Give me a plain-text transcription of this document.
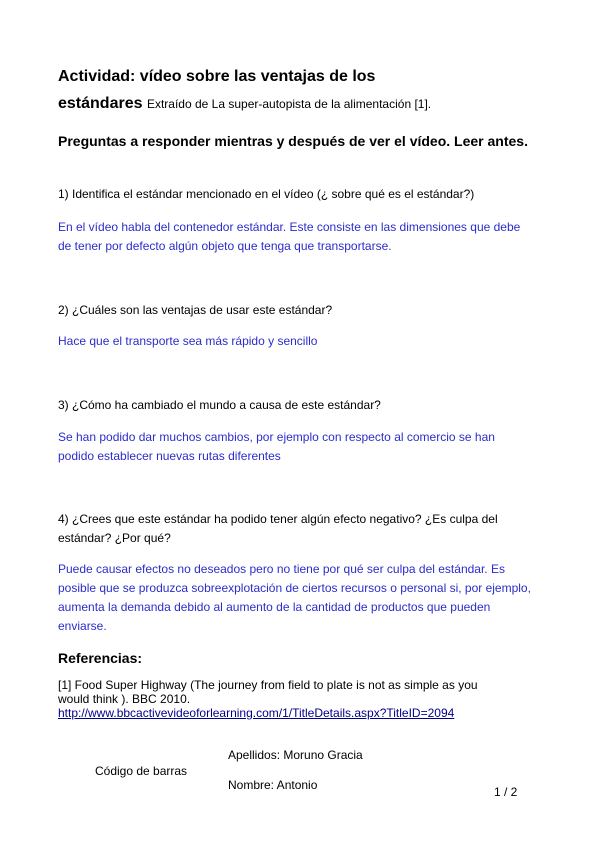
Actividad: vídeo sobre las ventajas de los
estándares Extraído de La super-autopista de la alimentación [1].
Preguntas a responder mientras y después de ver el vídeo. Leer antes.
1) Identifica el estándar mencionado en el vídeo (¿ sobre qué es el estándar?)
En el vídeo habla del contenedor estándar. Este consiste en las dimensiones que debe de tener por defecto algún objeto que tenga que transportarse.
2) ¿Cuáles son las ventajas de usar este estándar?
Hace que el transporte sea más rápido y sencillo
3) ¿Cómo ha cambiado el mundo a causa de este estándar?
Se han podido dar muchos cambios, por ejemplo con respecto al comercio se han podido establecer nuevas rutas diferentes
4) ¿Crees que este estándar ha podido tener algún efecto negativo? ¿Es culpa del estándar? ¿Por qué?
Puede causar efectos no deseados pero no tiene por qué ser culpa del estándar. Es posible que se produzca sobreexplotación de ciertos recursos o personal si, por ejemplo, aumenta la demanda debido al aumento de la cantidad de productos que pueden enviarse.
Referencias:
[1] Food Super Highway (The journey from field to plate is not as simple as you would think ). BBC 2010.
http://www.bbcactivevideoforlearning.com/1/TitleDetails.aspx?TitleID=2094
Apellidos: Moruno Gracia
Código de barras
Nombre: Antonio	1 / 2
